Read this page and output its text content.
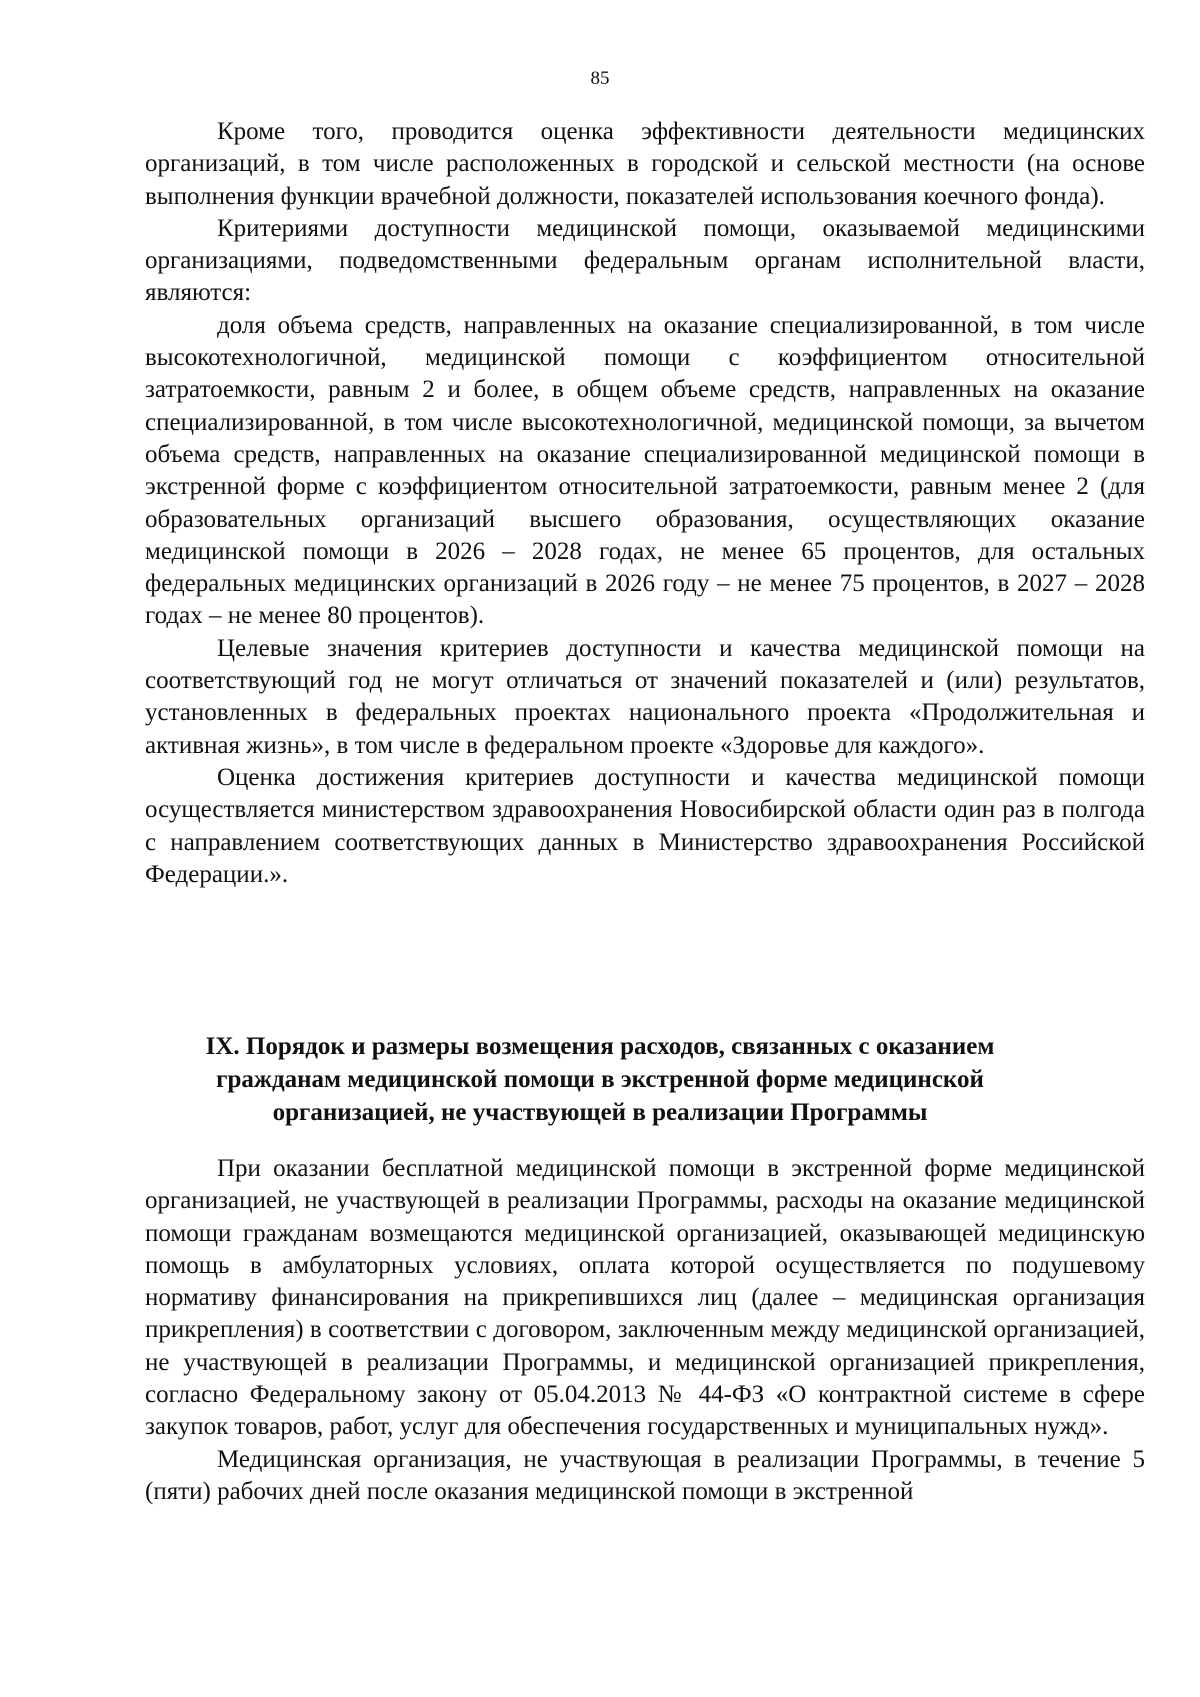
85

Кроме того, проводится оценка эффективности деятельности медицинских организаций, в том числе расположенных в городской и сельской местности (на основе выполнения функции врачебной должности, показателей использования коечного фонда).

Критериями доступности медицинской помощи, оказываемой медицинскими организациями, подведомственными федеральным органам исполнительной власти, являются:

доля объема средств, направленных на оказание специализированной, в том числе высокотехнологичной, медицинской помощи с коэффициентом относительной затратоемкости, равным 2 и более, в общем объеме средств, направленных на оказание специализированной, в том числе высокотехнологичной, медицинской помощи, за вычетом объема средств, направленных на оказание специализированной медицинской помощи в экстренной форме с коэффициентом относительной затратоемкости, равным менее 2 (для образовательных организаций высшего образования, осуществляющих оказание медицинской помощи в 2026 – 2028 годах, не менее 65 процентов, для остальных федеральных медицинских организаций в 2026 году – не менее 75 процентов, в 2027 – 2028 годах – не менее 80 процентов).

Целевые значения критериев доступности и качества медицинской помощи на соответствующий год не могут отличаться от значений показателей и (или) результатов, установленных в федеральных проектах национального проекта «Продолжительная и активная жизнь», в том числе в федеральном проекте «Здоровье для каждого».

Оценка достижения критериев доступности и качества медицинской помощи осуществляется министерством здравоохранения Новосибирской области один раз в полгода с направлением соответствующих данных в Министерство здравоохранения Российской Федерации.».

IX. Порядок и размеры возмещения расходов, связанных с оказанием гражданам медицинской помощи в экстренной форме медицинской организацией, не участвующей в реализации Программы

При оказании бесплатной медицинской помощи в экстренной форме медицинской организацией, не участвующей в реализации Программы, расходы на оказание медицинской помощи гражданам возмещаются медицинской организацией, оказывающей медицинскую помощь в амбулаторных условиях, оплата которой осуществляется по подушевому нормативу финансирования на прикрепившихся лиц (далее – медицинская организация прикрепления) в соответствии с договором, заключенным между медицинской организацией, не участвующей в реализации Программы, и медицинской организацией прикрепления, согласно Федеральному закону от 05.04.2013 № 44-ФЗ «О контрактной системе в сфере закупок товаров, работ, услуг для обеспечения государственных и муниципальных нужд».

Медицинская организация, не участвующая в реализации Программы, в течение 5 (пяти) рабочих дней после оказания медицинской помощи в экстренной
